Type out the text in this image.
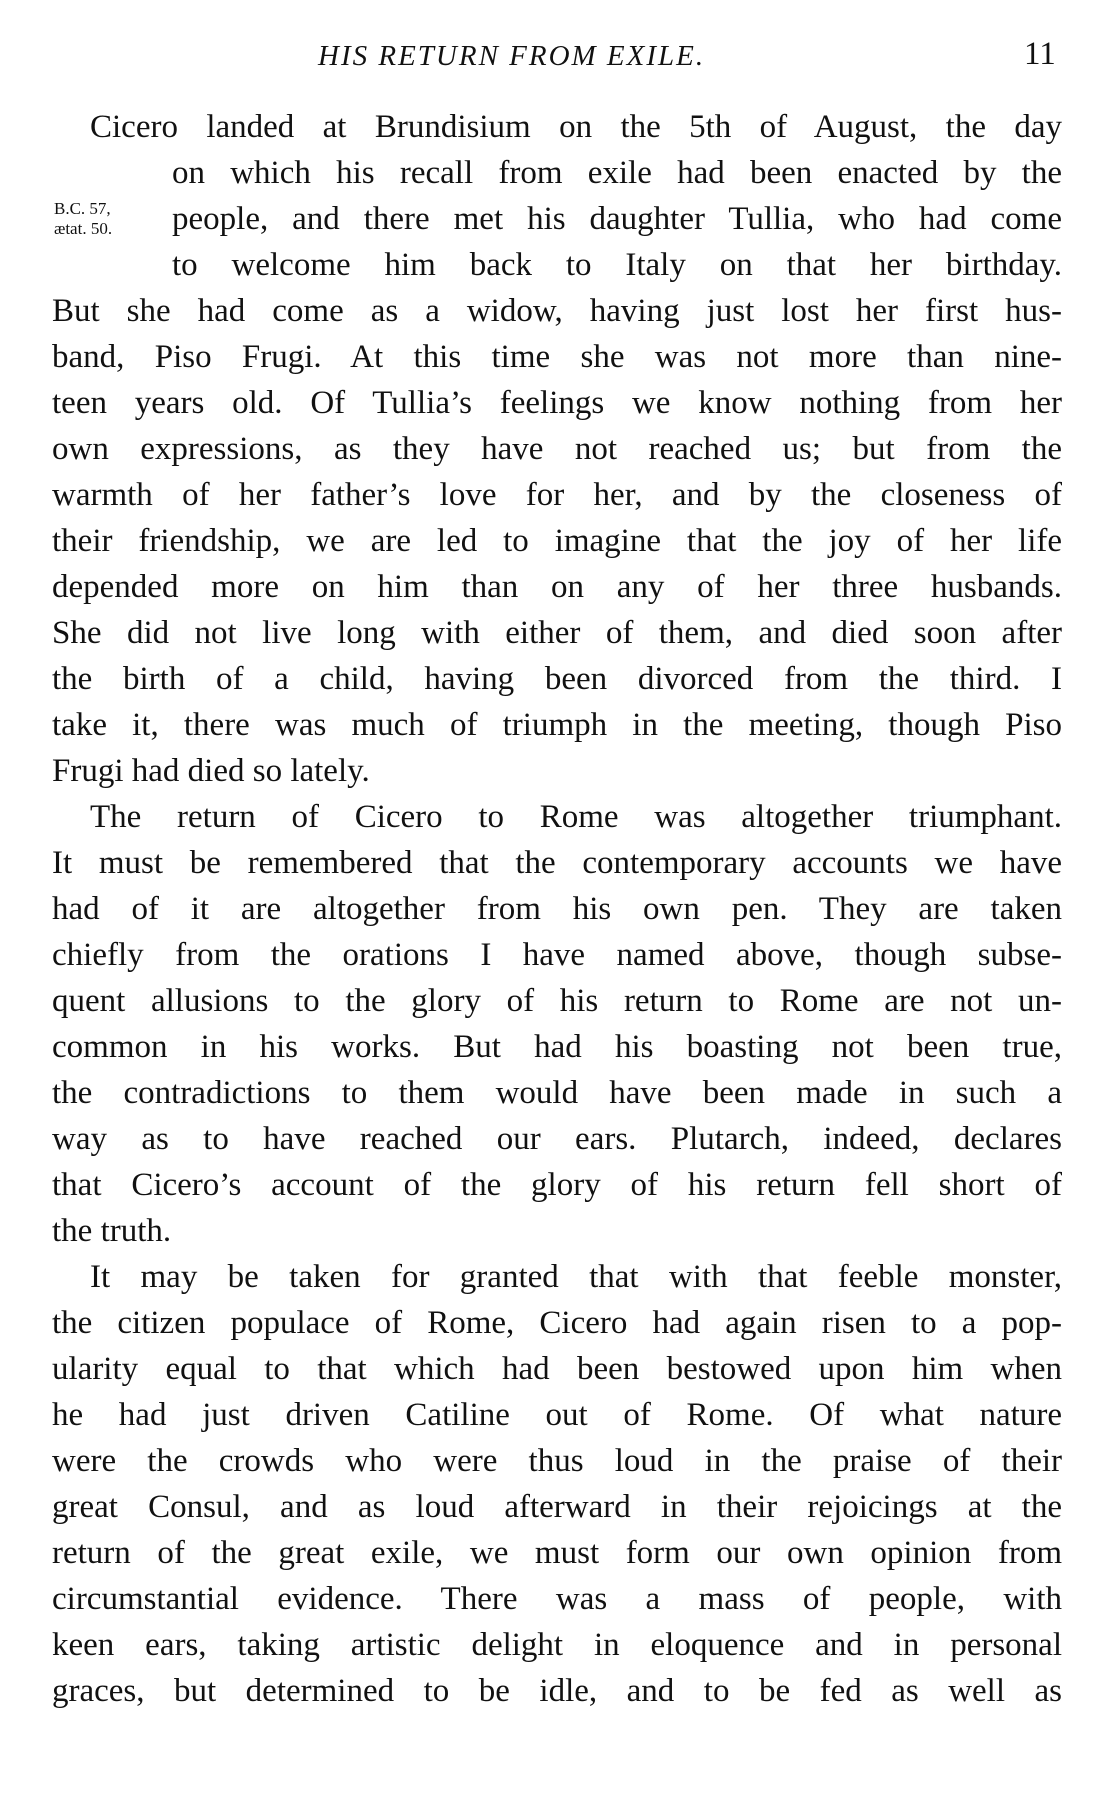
HIS RETURN FROM EXILE.	11
B.C. 57,
ætat. 50.
Cicero landed at Brundisium on the 5th of August, the day
on which his recall from exile had been enacted by the
people, and there met his daughter Tullia, who had come
to welcome him back to Italy on that her birthday.
But she had come as a widow, having just lost her first hus-
band, Piso Frugi. At this time she was not more than nine-
teen years old. Of Tullia’s feelings we know nothing from her
own expressions, as they have not reached us; but from the
warmth of her father’s love for her, and by the closeness of
their friendship, we are led to imagine that the joy of her life
depended more on him than on any of her three husbands.
She did not live long with either of them, and died soon after
the birth of a child, having been divorced from the third. I
take it, there was much of triumph in the meeting, though Piso
Frugi had died so lately.
The return of Cicero to Rome was altogether triumphant.
It must be remembered that the contemporary accounts we have
had of it are altogether from his own pen. They are taken
chiefly from the orations I have named above, though subse-
quent allusions to the glory of his return to Rome are not un-
common in his works. But had his boasting not been true,
the contradictions to them would have been made in such a
way as to have reached our ears. Plutarch, indeed, declares
that Cicero’s account of the glory of his return fell short of
the truth.
It may be taken for granted that with that feeble monster,
the citizen populace of Rome, Cicero had again risen to a pop-
ularity equal to that which had been bestowed upon him when
he had just driven Catiline out of Rome. Of what nature
were the crowds who were thus loud in the praise of their
great Consul, and as loud afterward in their rejoicings at the
return of the great exile, we must form our own opinion from
circumstantial evidence. There was a mass of people, with
keen ears, taking artistic delight in eloquence and in personal
graces, but determined to be idle, and to be fed as well as
